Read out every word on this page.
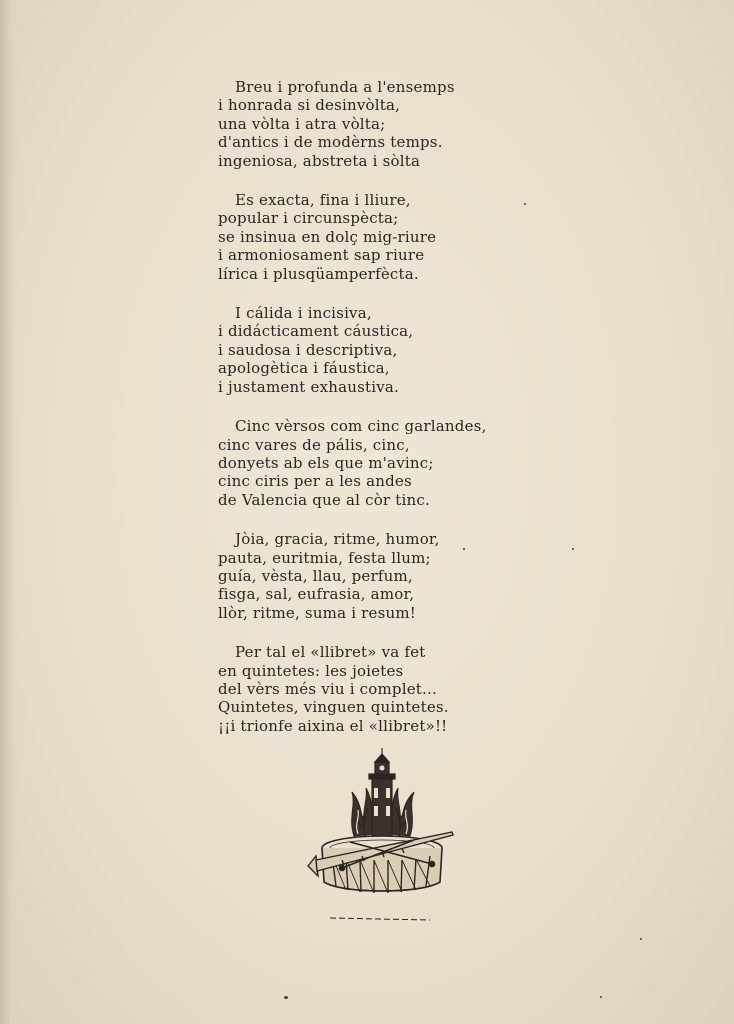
Breu i profunda a l'ensemps
i honrada si desinvòlta,
una vòlta i atra vòlta;
d'antics i de modèrns temps.
ingeniosa, abstreta i sòlta
Es exacta, fina i lliure,
popular i circunspècta;
se insinua en dolç mig-riure
i armoniosament sap riure
lírica i plusqüamperfècta.
I cálida i incisiva,
i didácticament cáustica,
i saudosa i descriptiva,
apologètica i fáustica,
i justament exhaustiva.
Cinc vèrsos com cinc garlandes,
cinc vares de pális, cinc,
donyets ab els que m'avinc;
cinc ciris per a les andes
de Valencia que al còr tinc.
Jòia, gracia, ritme, humor,
pauta, euritmia, festa llum;
guía, vèsta, llau, perfum,
fisga, sal, eufrasia, amor,
llòr, ritme, suma i resum!
Per tal el «llibret» va fet
en quintetes: les joietes
del vèrs més viu i complet...
Quintetes, vinguen quintetes.
¡¡i trionfe aixina el «llibret»!!
